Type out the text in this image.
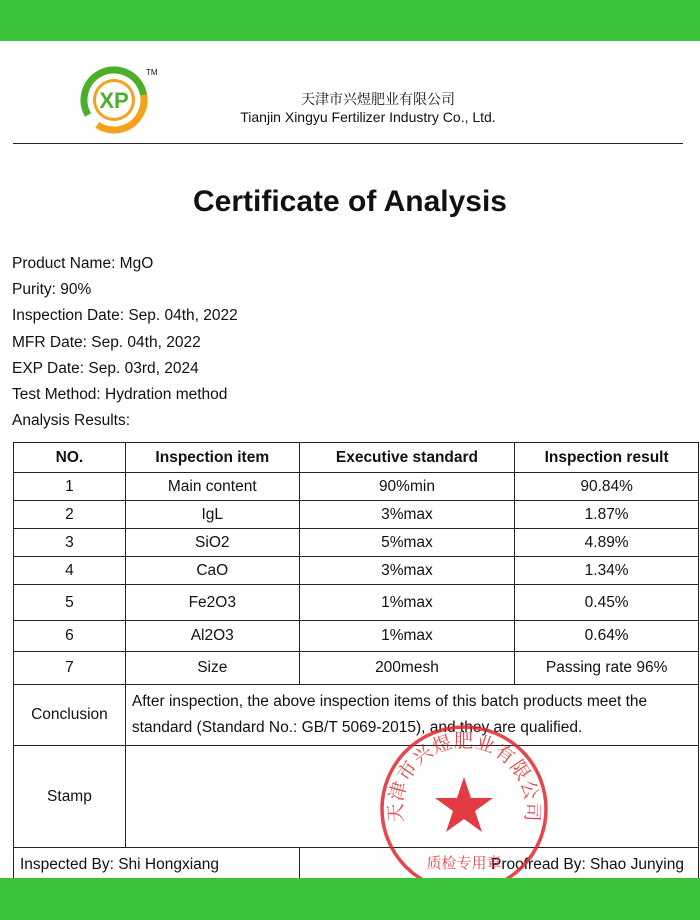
XP
TM
天津市兴煜肥业有限公司
Tianjin Xingyu Fertilizer Industry Co., Ltd.
Certificate of Analysis
Product Name: MgO
Purity: 90%
Inspection Date: Sep. 04th, 2022
MFR Date: Sep. 04th, 2022
EXP Date: Sep. 03rd, 2024
Test Method: Hydration method
Analysis Results:
NO.	Inspection item	Executive standard	Inspection result
1	Main content	90%min	90.84%
2	IgL	3%max	1.87%
3	SiO2	5%max	4.89%
4	CaO	3%max	1.34%
5	Fe2O3	1%max	0.45%
6	Al2O3	1%max	0.64%
7	Size	200mesh	Passing rate 96%
Conclusion	After inspection, the above inspection items of this batch products meet the standard (Standard No.: GB/T 5069-2015), and they are qualified.		
Stamp			
Inspected By: Shi Hongxiang		Proofread By: Shao Junying	
天津市兴煜肥业有限公司
质检专用章
